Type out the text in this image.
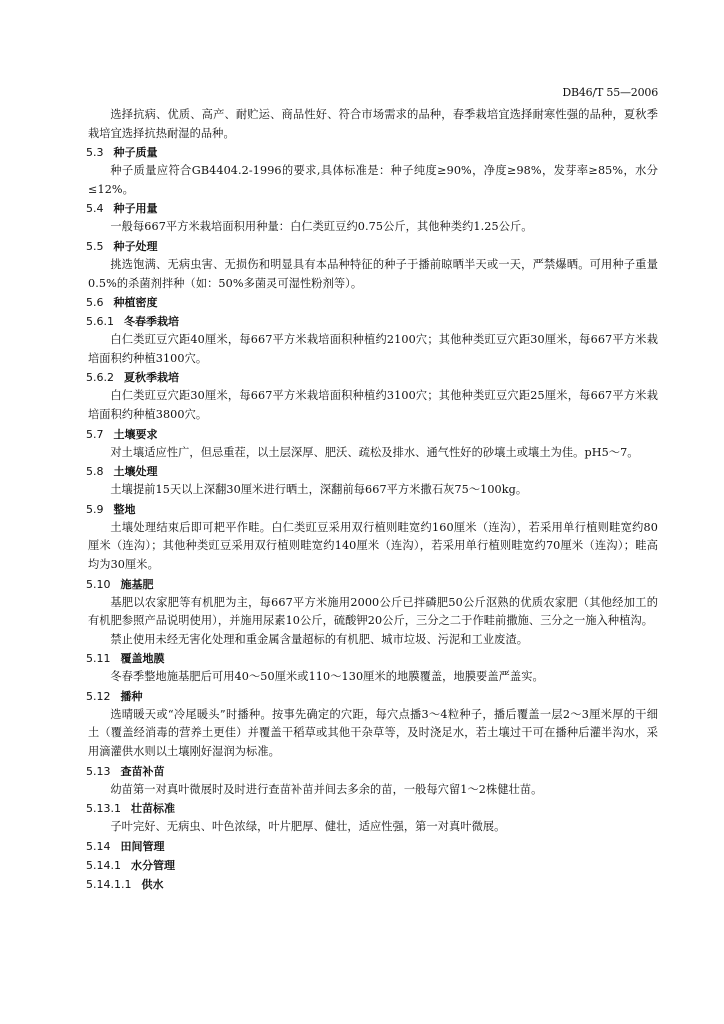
DB46/T 55—2006

选择抗病、优质、高产、耐贮运、商品性好、符合市场需求的品种，春季栽培宜选择耐寒性强的品种，夏秋季栽培宜选择抗热耐湿的品种。

5.3 种子质量

种子质量应符合GB4404.2-1996的要求,具体标准是：种子纯度≥90%，净度≥98%，发芽率≥85%，水分≤12%。

5.4 种子用量

一般每667平方米栽培面积用种量：白仁类豇豆约0.75公斤，其他种类约1.25公斤。

5.5 种子处理

挑选饱满、无病虫害、无损伤和明显具有本品种特征的种子于播前晾晒半天或一天，严禁爆晒。可用种子重量0.5%的杀菌剂拌种（如：50%多菌灵可湿性粉剂等）。

5.6 种植密度
5.6.1 冬春季栽培

白仁类豇豆穴距40厘米，每667平方米栽培面积种植约2100穴；其他种类豇豆穴距30厘米，每667平方米栽培面积约种植3100穴。

5.6.2 夏秋季栽培

白仁类豇豆穴距30厘米，每667平方米栽培面积种植约3100穴；其他种类豇豆穴距25厘米，每667平方米栽培面积约种植3800穴。

5.7 土壤要求

对土壤适应性广，但忌重茬，以土层深厚、肥沃、疏松及排水、通气性好的砂壤土或壤土为佳。pH5～7。

5.8 土壤处理

土壤提前15天以上深翻30厘米进行晒土，深翻前每667平方米撒石灰75～100kg。

5.9 整地

土壤处理结束后即可耙平作畦。白仁类豇豆采用双行植则畦宽约160厘米（连沟），若采用单行植则畦宽约80厘米（连沟）；其他种类豇豆采用双行植则畦宽约140厘米（连沟），若采用单行植则畦宽约70厘米（连沟）；畦高均为30厘米。

5.10 施基肥

基肥以农家肥等有机肥为主，每667平方米施用2000公斤已拌磷肥50公斤沤熟的优质农家肥（其他经加工的有机肥参照产品说明使用），并施用尿素10公斤，硫酸钾20公斤，三分之二于作畦前撒施、三分之一施入种植沟。

禁止使用未经无害化处理和重金属含量超标的有机肥、城市垃圾、污泥和工业废渣。

5.11 覆盖地膜

冬春季整地施基肥后可用40～50厘米或110～130厘米的地膜覆盖，地膜要盖严盖实。

5.12 播种

选晴暖天或“冷尾暖头”时播种。按事先确定的穴距，每穴点播3～4粒种子，播后覆盖一层2～3厘米厚的干细土（覆盖经消毒的营养土更佳）并覆盖干稻草或其他干杂草等，及时浇足水，若土壤过干可在播种后灌半沟水，采用滴灌供水则以土壤刚好湿润为标准。

5.13 查苗补苗

幼苗第一对真叶微展时及时进行查苗补苗并间去多余的苗，一般每穴留1～2株健壮苗。

5.13.1 壮苗标准

子叶完好、无病虫、叶色浓绿，叶片肥厚、健壮，适应性强，第一对真叶微展。

5.14 田间管理
5.14.1 水分管理
5.14.1.1 供水
